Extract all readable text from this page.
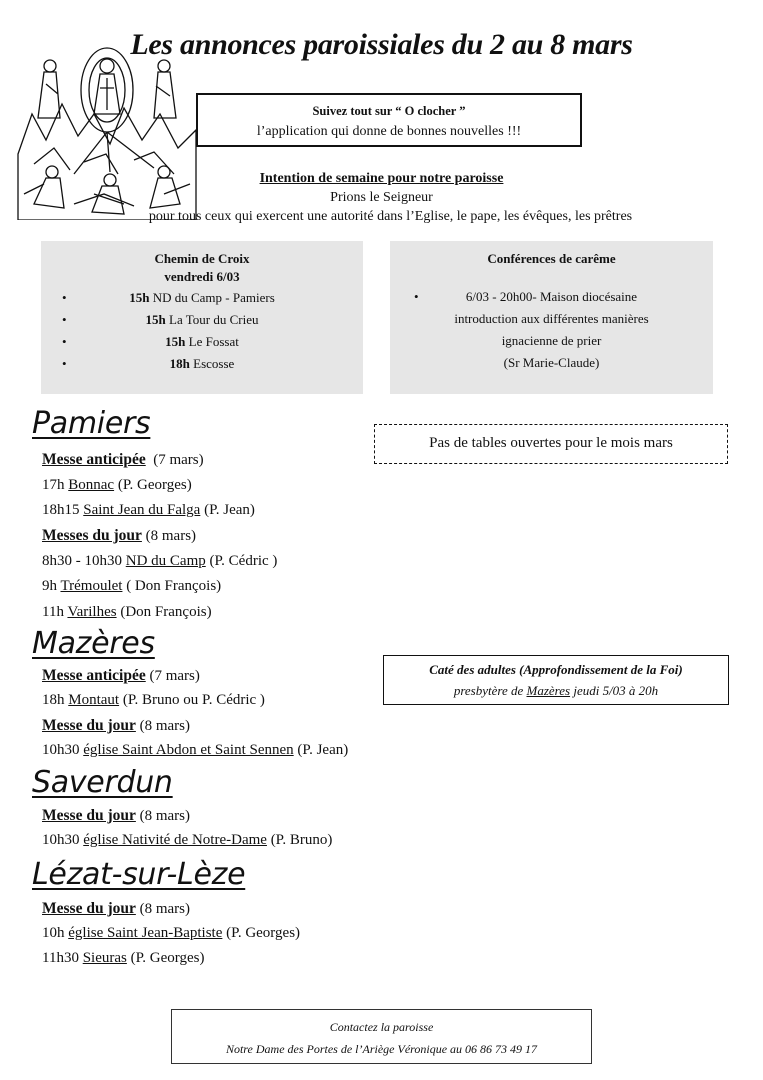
Les annonces paroissiales du 2 au 8 mars
Suivez tout sur “ O clocher ”
l’application qui donne de bonnes nouvelles !!!
Intention de semaine pour notre paroisse
Prions le Seigneur
pour tous ceux qui exercent une autorité dans l’Eglise, le pape, les évêques, les prêtres
Chemin de Croix
vendredi 6/03
• 15h ND du Camp - Pamiers
• 15h La Tour du Crieu
• 15h Le Fossat
• 18h Escosse
Conférences de carême
•	6/03 - 20h00- Maison diocésaine
introduction aux différentes manières
ignacienne de prier
(Sr Marie-Claude)
Pas de tables ouvertes pour le mois mars
Pamiers
Messe anticipée (7 mars)
17h Bonnac (P. Georges)
18h15 Saint Jean du Falga (P. Jean)
Messes du jour (8 mars)
8h30 - 10h30 ND du Camp (P. Cédric )
9h Trémoulet ( Don François)
11h Varilhes (Don François)
Mazères
Messe anticipée (7 mars)
18h Montaut (P. Bruno ou P. Cédric )
Messe du jour (8 mars)
10h30 église Saint Abdon et Saint Sennen (P. Jean)
Caté des adultes (Approfondissement de la Foi)
presbytère de Mazères jeudi 5/03 à 20h
Saverdun
Messe du jour (8 mars)
10h30 église Nativité de Notre-Dame (P. Bruno)
Lézat-sur-Lèze
Messe du jour (8 mars)
10h église Saint Jean-Baptiste (P. Georges)
11h30 Sieuras (P. Georges)
Contactez la paroisse
Notre Dame des Portes de l’Ariège Véronique au 06 86 73 49 17
